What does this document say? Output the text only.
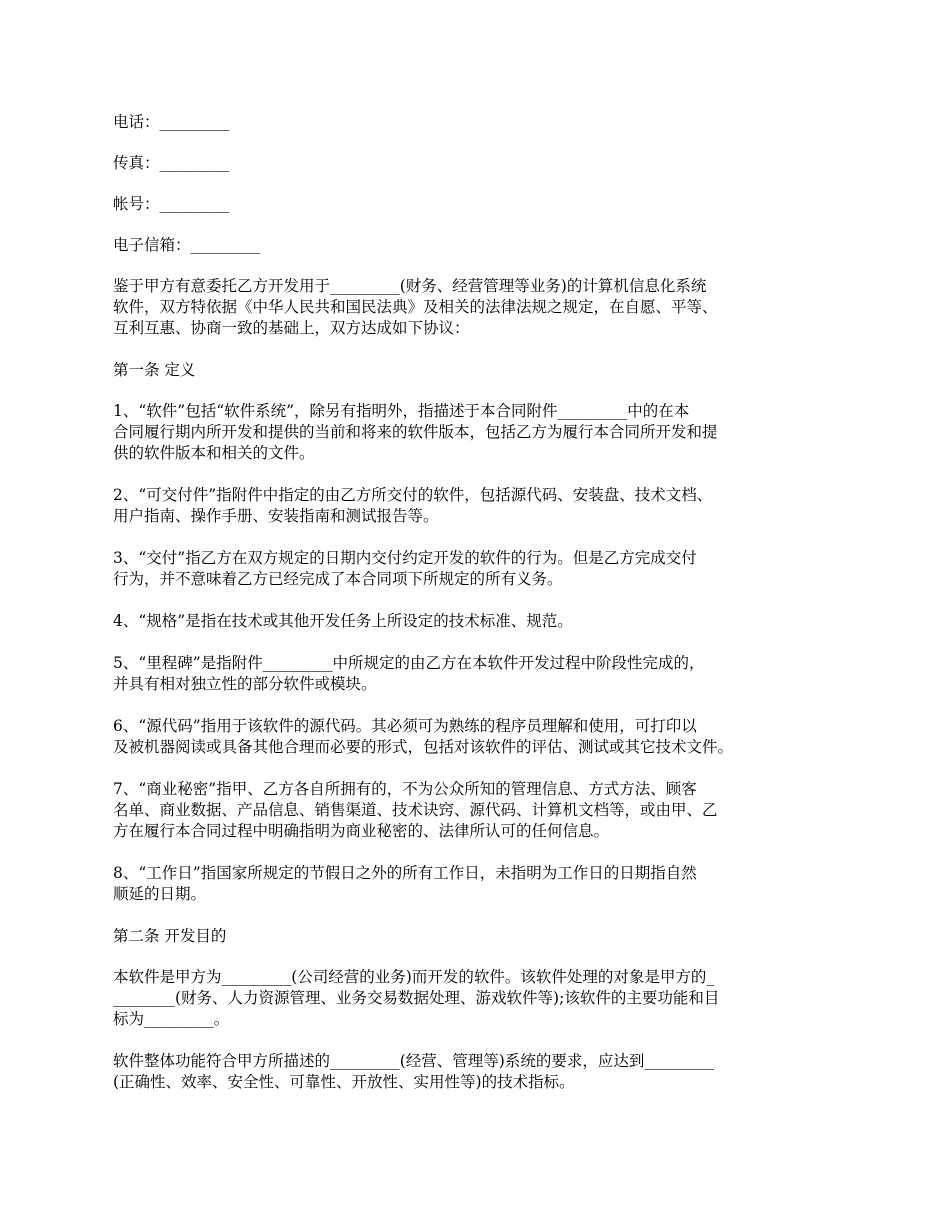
电话：_________

传真：_________

帐号：_________

电子信箱：_________

鉴于甲方有意委托乙方开发用于_________(财务、经营管理等业务)的计算机信息化系统
软件，双方特依据《中华人民共和国民法典》及相关的法律法规之规定，在自愿、平等、
互利互惠、协商一致的基础上，双方达成如下协议：

第一条 定义

1、“软件”包括“软件系统”，除另有指明外，指描述于本合同附件_________中的在本
合同履行期内所开发和提供的当前和将来的软件版本，包括乙方为履行本合同所开发和提
供的软件版本和相关的文件。

2、“可交付件”指附件中指定的由乙方所交付的软件，包括源代码、安装盘、技术文档、
用户指南、操作手册、安装指南和测试报告等。

3、“交付”指乙方在双方规定的日期内交付约定开发的软件的行为。但是乙方完成交付
行为，并不意味着乙方已经完成了本合同项下所规定的所有义务。

4、“规格”是指在技术或其他开发任务上所设定的技术标准、规范。

5、“里程碑”是指附件_________中所规定的由乙方在本软件开发过程中阶段性完成的，
并具有相对独立性的部分软件或模块。

6、“源代码”指用于该软件的源代码。其必须可为熟练的程序员理解和使用，可打印以
及被机器阅读或具备其他合理而必要的形式，包括对该软件的评估、测试或其它技术文件。

7、“商业秘密”指甲、乙方各自所拥有的，不为公众所知的管理信息、方式方法、顾客
名单、商业数据、产品信息、销售渠道、技术诀窍、源代码、计算机文档等，或由甲、乙
方在履行本合同过程中明确指明为商业秘密的、法律所认可的任何信息。

8、“工作日”指国家所规定的节假日之外的所有工作日，未指明为工作日的日期指自然
顺延的日期。

第二条 开发目的

本软件是甲方为_________(公司经营的业务)而开发的软件。该软件处理的对象是甲方的_
________(财务、人力资源管理、业务交易数据处理、游戏软件等);该软件的主要功能和目
标为_________。

软件整体功能符合甲方所描述的_________(经营、管理等)系统的要求，应达到_________
(正确性、效率、安全性、可靠性、开放性、实用性等)的技术指标。
